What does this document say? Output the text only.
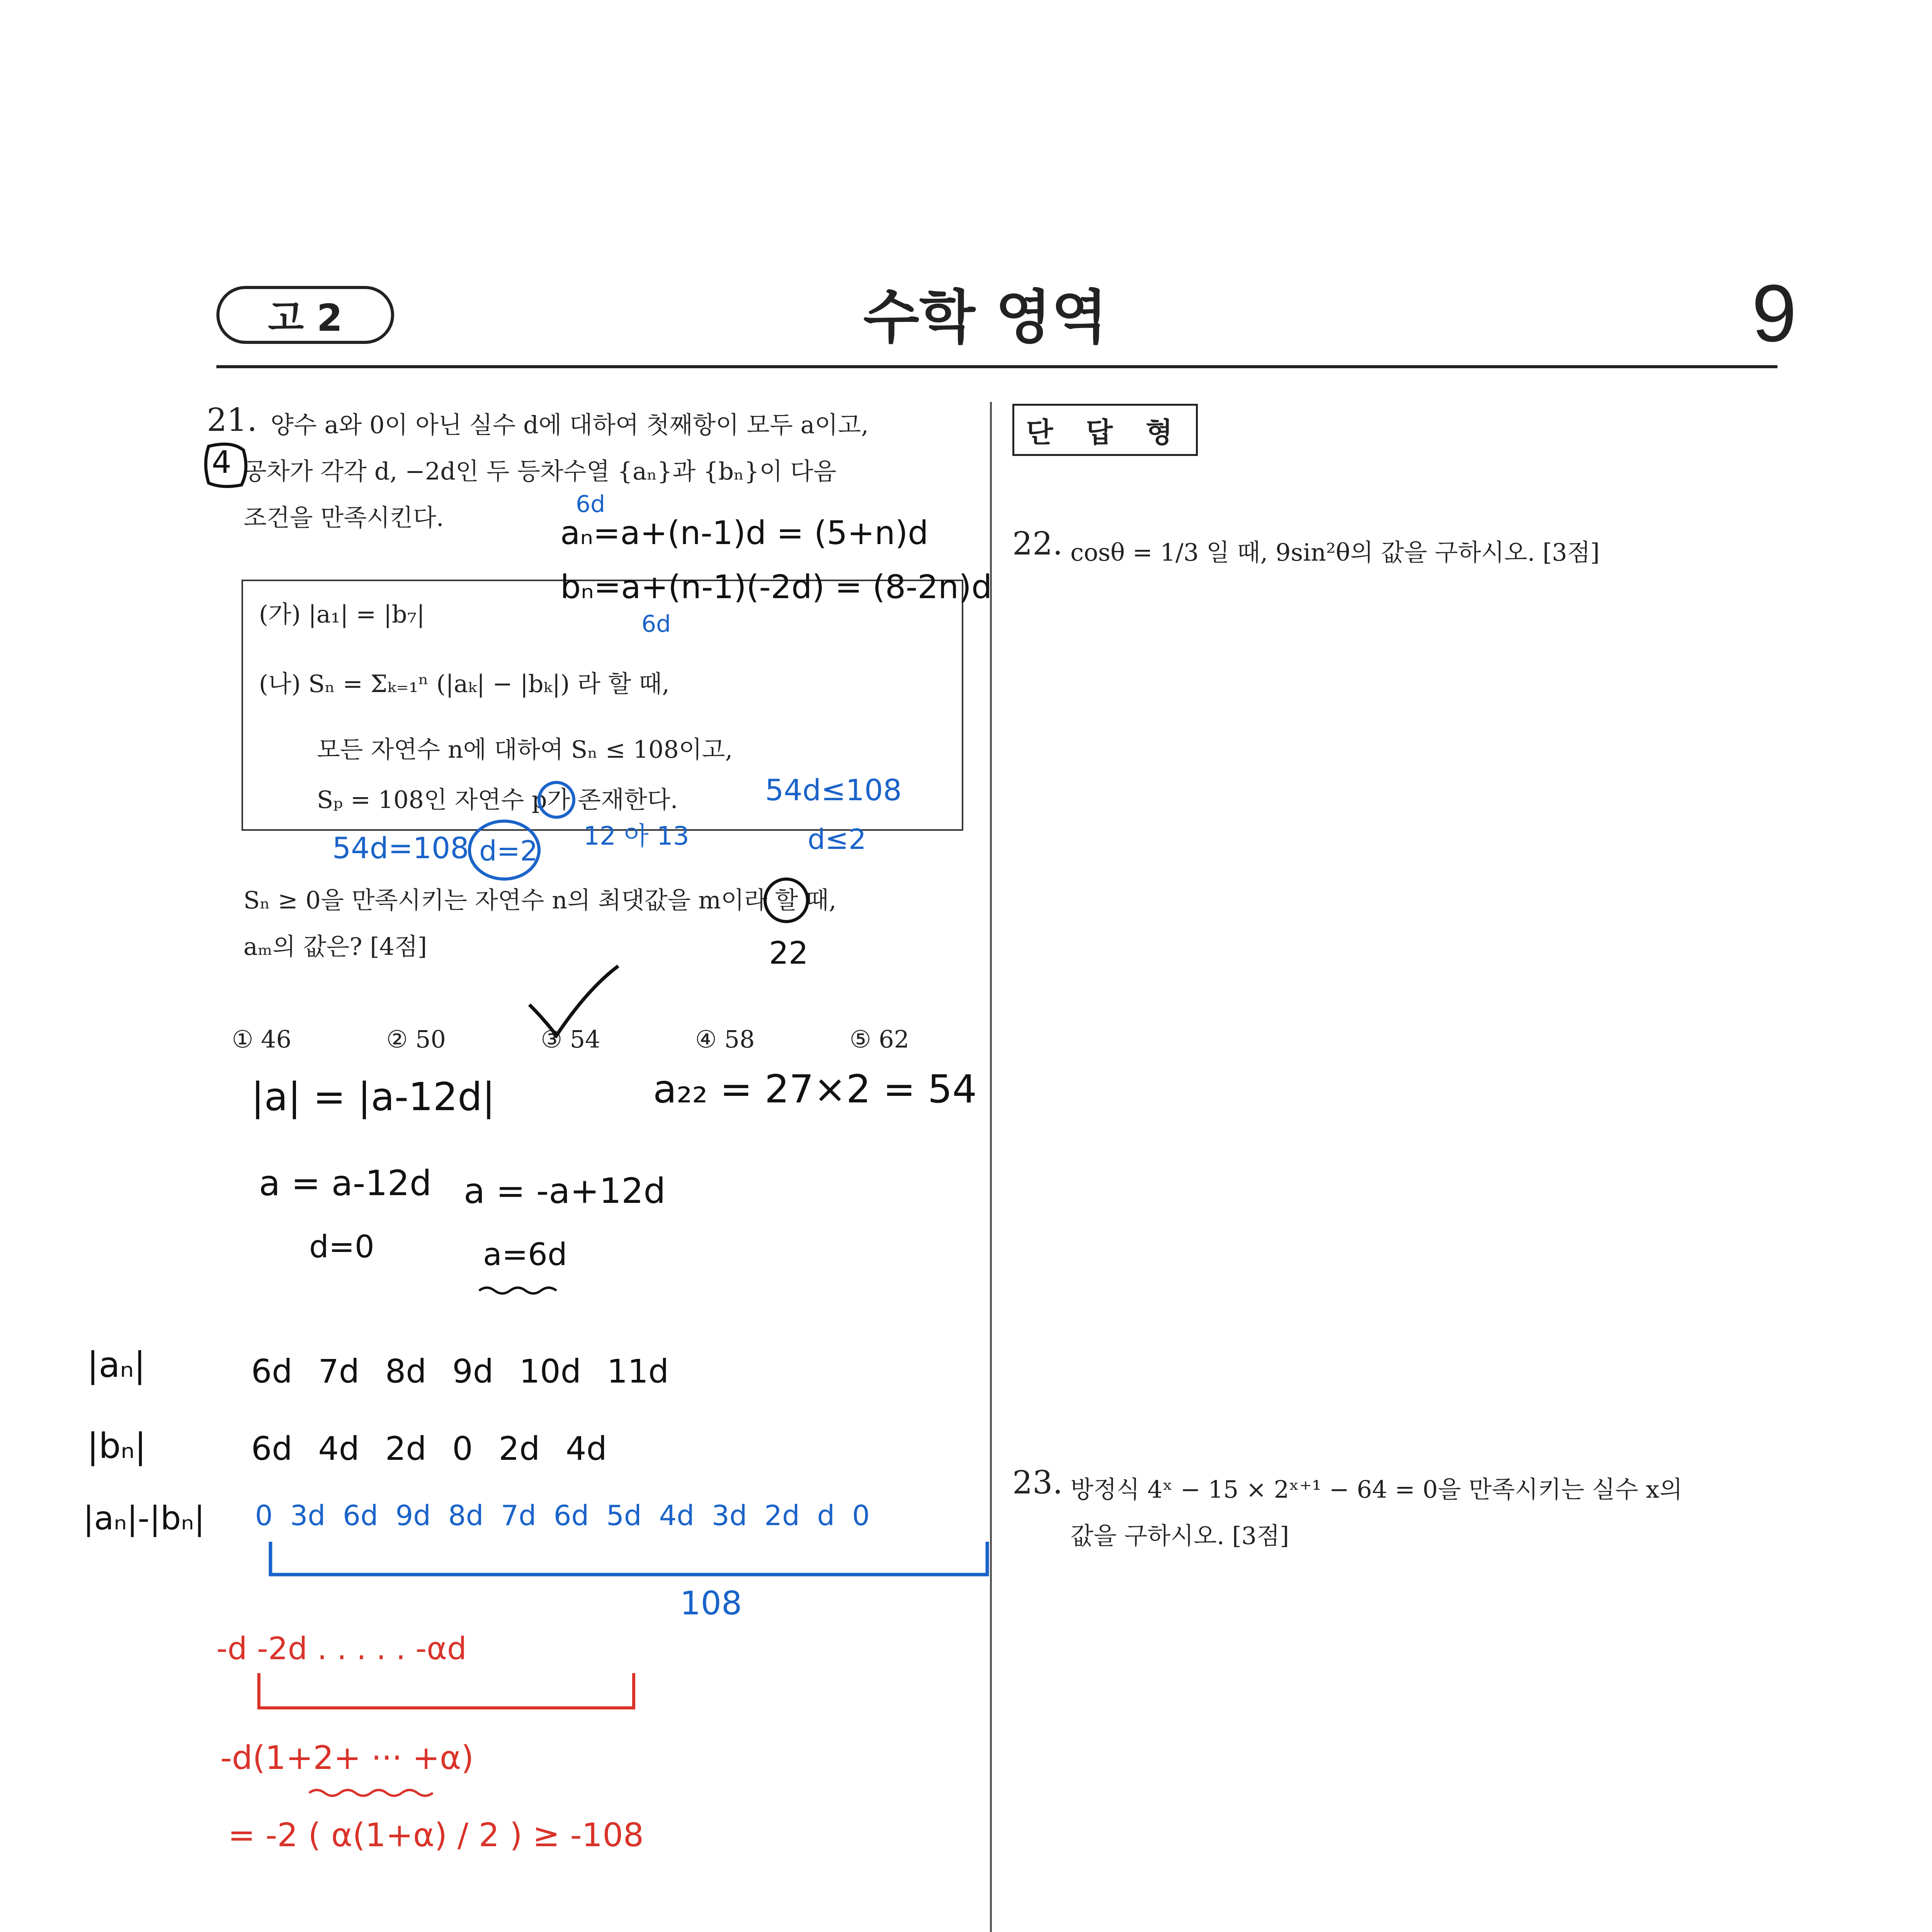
고 2	수학 영역	9
21. 양수 a와 0이 아닌 실수 d에 대하여 첫째항이 모두 a이고,
공차가 각각 d, −2d인 두 등차수열 {aₙ}과 {bₙ}이 다음
조건을 만족시킨다.
(가) |a₁| = |b₇|
(나) Sₙ = Σₖ₌₁ⁿ (|aₖ| − |bₖ|) 라 할 때,
모든 자연수 n에 대하여 Sₙ ≤ 108이고,
Sₚ = 108인 자연수 p가 존재한다.
Sₙ ≥ 0을 만족시키는 자연수 n의 최댓값을 m이라 할 때,
aₘ의 값은? [4점]
① 46	② 50	③ 54	④ 58	⑤ 62
단 답 형
22. cosθ = 1/3 일 때, 9sin²θ의 값을 구하시오. [3점]
23. 방정식 4ˣ − 15 × 2ˣ⁺¹ − 64 = 0을 만족시키는 실수 x의
값을 구하시오. [3점]
4
6d
aₙ=a+(n-1)d = (5+n)d
bₙ=a+(n-1)(-2d) = (8-2n)d
6d
54d=108 d=2 12 아 13
54d≤108
d≤2
22
|a| = |a-12d|	a₂₂ = 27×2 = 54
a = a-12d
d=0
a = -a+12d
a=6d
|aₙ|	6d 7d 8d 9d 10d 11d
|bₙ|	6d 4d 2d 0 2d 4d
|aₙ|-|bₙ| 0 3d 6d 9d 8d 7d 6d 5d 4d 3d 2d d 0
108
-d -2d . . . . . -αd
-d(1+2+ ··· +α)
= -2 ( α(1+α) / 2 ) ≥ -108
